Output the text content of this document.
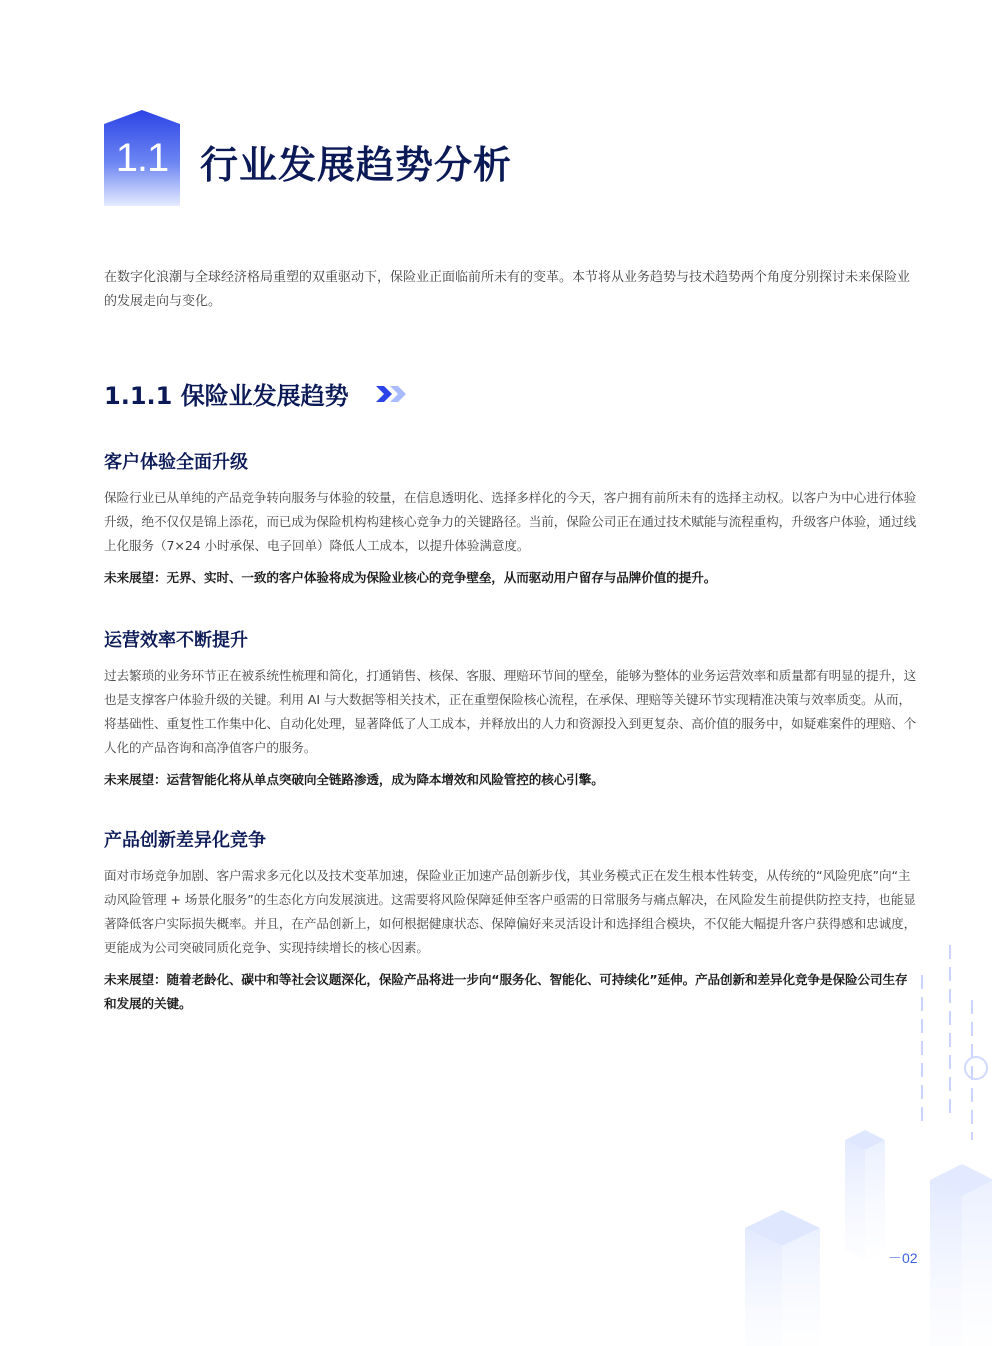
1.1 行业发展趋势分析

在数字化浪潮与全球经济格局重塑的双重驱动下，保险业正面临前所未有的变革。本节将从业务趋势与技术趋势两个角度分别探讨未来保险业的发展走向与变化。

1.1.1 保险业发展趋势
客户体验全面升级

保险行业已从单纯的产品竞争转向服务与体验的较量，在信息透明化、选择多样化的今天，客户拥有前所未有的选择主动权。以客户为中心进行体验升级，绝不仅仅是锦上添花，而已成为保险机构构建核心竞争力的关键路径。当前，保险公司正在通过技术赋能与流程重构，升级客户体验，通过线上化服务（7×24 小时承保、电子回单）降低人工成本，以提升体验满意度。

未来展望：无界、实时、一致的客户体验将成为保险业核心的竞争壁垒，从而驱动用户留存与品牌价值的提升。

运营效率不断提升

过去繁琐的业务环节正在被系统性梳理和简化，打通销售、核保、客服、理赔环节间的壁垒，能够为整体的业务运营效率和质量都有明显的提升，这也是支撑客户体验升级的关键。利用 AI 与大数据等相关技术，正在重塑保险核心流程，在承保、理赔等关键环节实现精准决策与效率质变。从而，将基础性、重复性工作集中化、自动化处理，显著降低了人工成本，并释放出的人力和资源投入到更复杂、高价值的服务中，如疑难案件的理赔、个人化的产品咨询和高净值客户的服务。

未来展望：运营智能化将从单点突破向全链路渗透，成为降本增效和风险管控的核心引擎。

产品创新差异化竞争

面对市场竞争加剧、客户需求多元化以及技术变革加速，保险业正加速产品创新步伐，其业务模式正在发生根本性转变，从传统的“风险兜底”向“主动风险管理 + 场景化服务”的生态化方向发展演进。这需要将风险保障延伸至客户亟需的日常服务与痛点解决，在风险发生前提供防控支持，也能显著降低客户实际损失概率。并且，在产品创新上，如何根据健康状态、保障偏好来灵活设计和选择组合模块，不仅能大幅提升客户获得感和忠诚度，更能成为公司突破同质化竞争、实现持续增长的核心因素。

未来展望：随着老龄化、碳中和等社会议题深化，保险产品将进一步向“服务化、智能化、可持续化”延伸。产品创新和差异化竞争是保险公司生存和发展的关键。

－02
